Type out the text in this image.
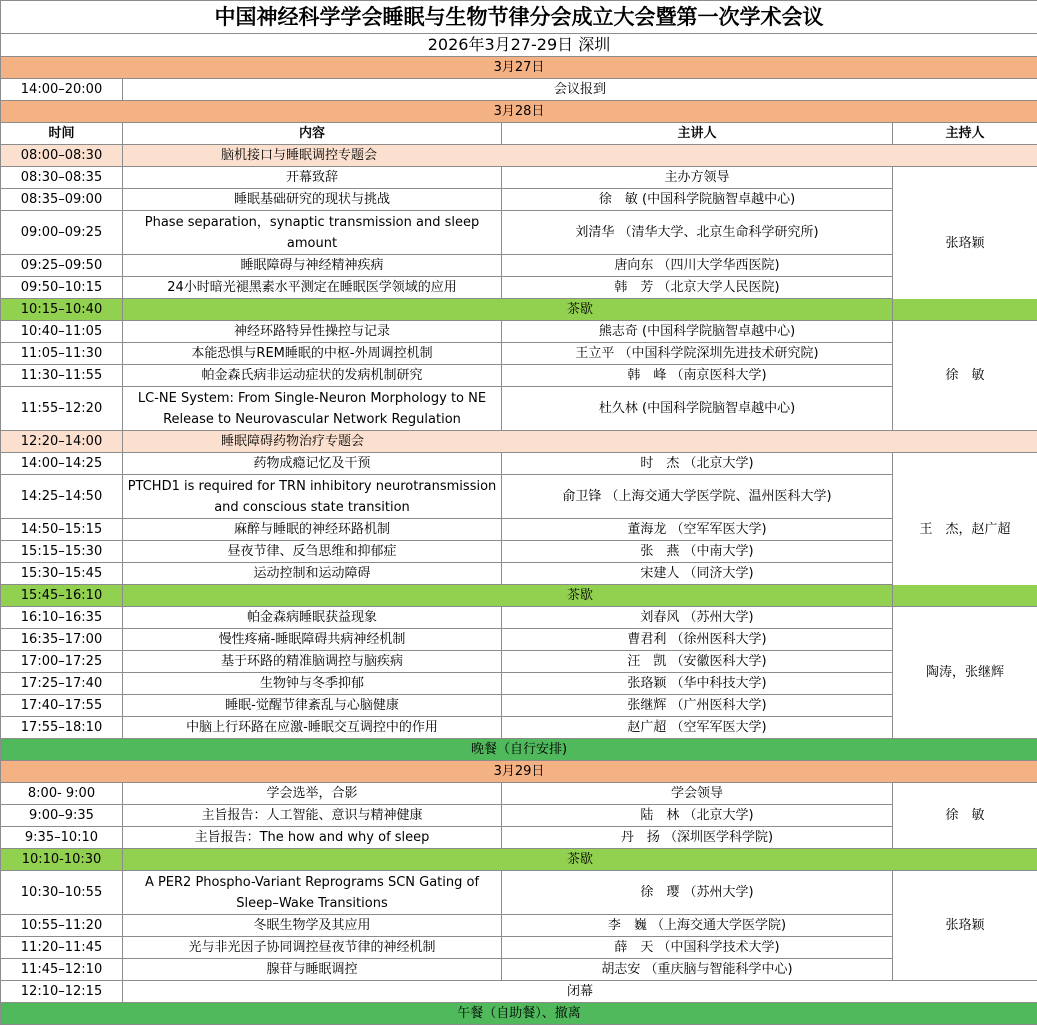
中国神经科学学会睡眠与生物节律分会成立大会暨第一次学术会议			
2026年3月27-29日 深圳			
3月27日			
14:00–20:00	会议报到		
3月28日			
时间	内容	主讲人	主持人
08:00–08:30	脑机接口与睡眠调控专题会		
08:30–08:35	开幕致辞	主办方领导	张珞颖
08:35–09:00	睡眠基础研究的现状与挑战	徐　敏 (中国科学院脑智卓越中心)	
09:00–09:25	Phase separation，synaptic transmission and sleep amount	刘清华 （清华大学、北京生命科学研究所)	
09:25–09:50	睡眠障碍与神经精神疾病	唐向东 （四川大学华西医院)	
09:50–10:15	24小时暗光褪黑素水平测定在睡眠医学领域的应用	韩　芳 （北京大学人民医院)	
10:15–10:40	茶歇		
10:40–11:05	神经环路特异性操控与记录	熊志奇 (中国科学院脑智卓越中心)	徐　敏
11:05–11:30	本能恐惧与REM睡眠的中枢-外周调控机制	王立平 （中国科学院深圳先进技术研究院)	
11:30–11:55	帕金森氏病非运动症状的发病机制研究	韩　峰 （南京医科大学)	
11:55–12:20	LC-NE System: From Single-Neuron Morphology to NE Release to Neurovascular Network Regulation	杜久林 (中国科学院脑智卓越中心)	
12:20–14:00	睡眠障碍药物治疗专题会		
14:00–14:25	药物成瘾记忆及干预	时　杰 （北京大学)	王　杰，赵广超
14:25–14:50	PTCHD1 is required for TRN inhibitory neurotransmission and conscious state transition	俞卫锋 （上海交通大学医学院、温州医科大学)	
14:50–15:15	麻醉与睡眠的神经环路机制	董海龙 （空军军医大学)	
15:15–15:30	昼夜节律、反刍思维和抑郁症	张　燕 （中南大学)	
15:30–15:45	运动控制和运动障碍	宋建人 （同济大学)	
15:45–16:10	茶歇		
16:10–16:35	帕金森病睡眠获益现象	刘春风 （苏州大学)	陶涛，张继辉
16:35–17:00	慢性疼痛-睡眠障碍共病神经机制	曹君利 （徐州医科大学)	
17:00–17:25	基于环路的精准脑调控与脑疾病	汪　凯 （安徽医科大学)	
17:25–17:40	生物钟与冬季抑郁	张珞颖 （华中科技大学)	
17:40–17:55	睡眠-觉醒节律紊乱与心脑健康	张继辉 （广州医科大学)	
17:55–18:10	中脑上行环路在应激-睡眠交互调控中的作用	赵广超 （空军军医大学)	
晚餐（自行安排)			
3月29日			
8:00- 9:00	学会选举，合影	学会领导	徐　敏
9:00–9:35	主旨报告：人工智能、意识与精神健康	陆　林 （北京大学)	
9:35–10:10	主旨报告：The how and why of sleep	丹　扬 （深圳医学科学院)	
10:10-10:30	茶歇		
10:30–10:55	A PER2 Phospho-Variant Reprograms SCN Gating of Sleep–Wake Transitions	徐　璎 （苏州大学)	张珞颖
10:55–11:20	冬眠生物学及其应用	李　巍 （上海交通大学医学院)	
11:20–11:45	光与非光因子协同调控昼夜节律的神经机制	薛　天 （中国科学技术大学)	
11:45–12:10	腺苷与睡眠调控	胡志安 （重庆脑与智能科学中心)	
12:10–12:15	闭幕		
午餐（自助餐）、撤离			
